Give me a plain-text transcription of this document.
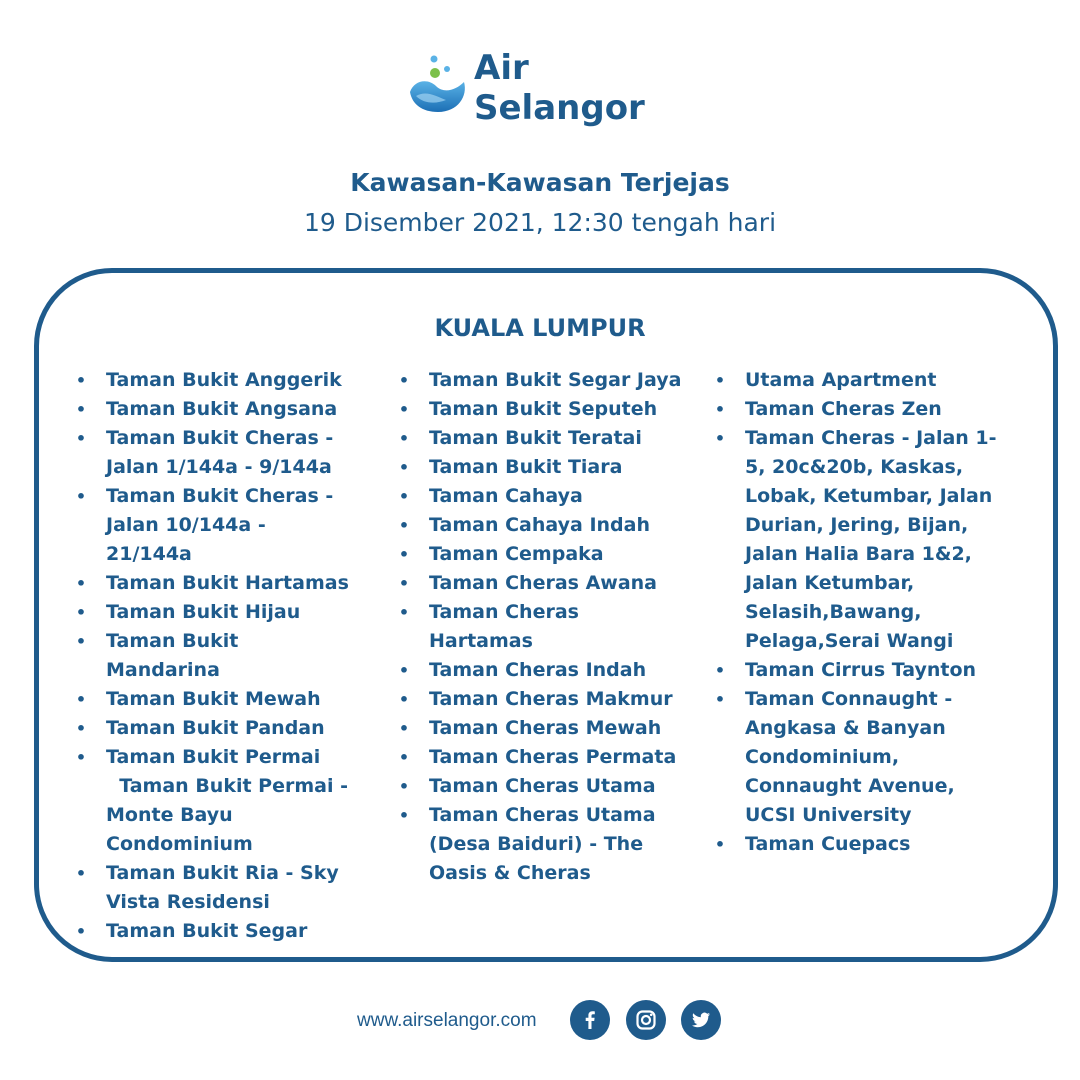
Air Selangor
Kawasan-Kawasan Terjejas
19 Disember 2021, 12:30 tengah hari
KUALA LUMPUR
• Taman Bukit Anggerik
• Taman Bukit Angsana
• Taman Bukit Cheras - Jalan 1/144a - 9/144a
• Taman Bukit Cheras - Jalan 10/144a - 21/144a
• Taman Bukit Hartamas
• Taman Bukit Hijau
• Taman Bukit Mandarina
• Taman Bukit Mewah
• Taman Bukit Pandan
• Taman Bukit Permai       Taman Bukit Permai - Monte Bayu Condominium
• Taman Bukit Ria - Sky Vista Residensi
• Taman Bukit Segar
• Taman Bukit Segar Jaya
• Taman Bukit Seputeh
• Taman Bukit Teratai
• Taman Bukit Tiara
• Taman Cahaya
• Taman Cahaya Indah
• Taman Cempaka
• Taman Cheras Awana
• Taman Cheras Hartamas
• Taman Cheras Indah
• Taman Cheras Makmur
• Taman Cheras Mewah
• Taman Cheras Permata
• Taman Cheras Utama
• Taman Cheras Utama (Desa Baiduri) - The Oasis & Cheras
• Utama Apartment
• Taman Cheras Zen
• Taman Cheras - Jalan 1-5, 20c&20b, Kaskas, Lobak, Ketumbar, Jalan Durian, Jering, Bijan, Jalan Halia Bara 1&2, Jalan Ketumbar, Selasih,Bawang, Pelaga,Serai Wangi
• Taman Cirrus Taynton
• Taman Connaught - Angkasa & Banyan Condominium, Connaught Avenue, UCSI University
• Taman Cuepacs
www.airselangor.com
